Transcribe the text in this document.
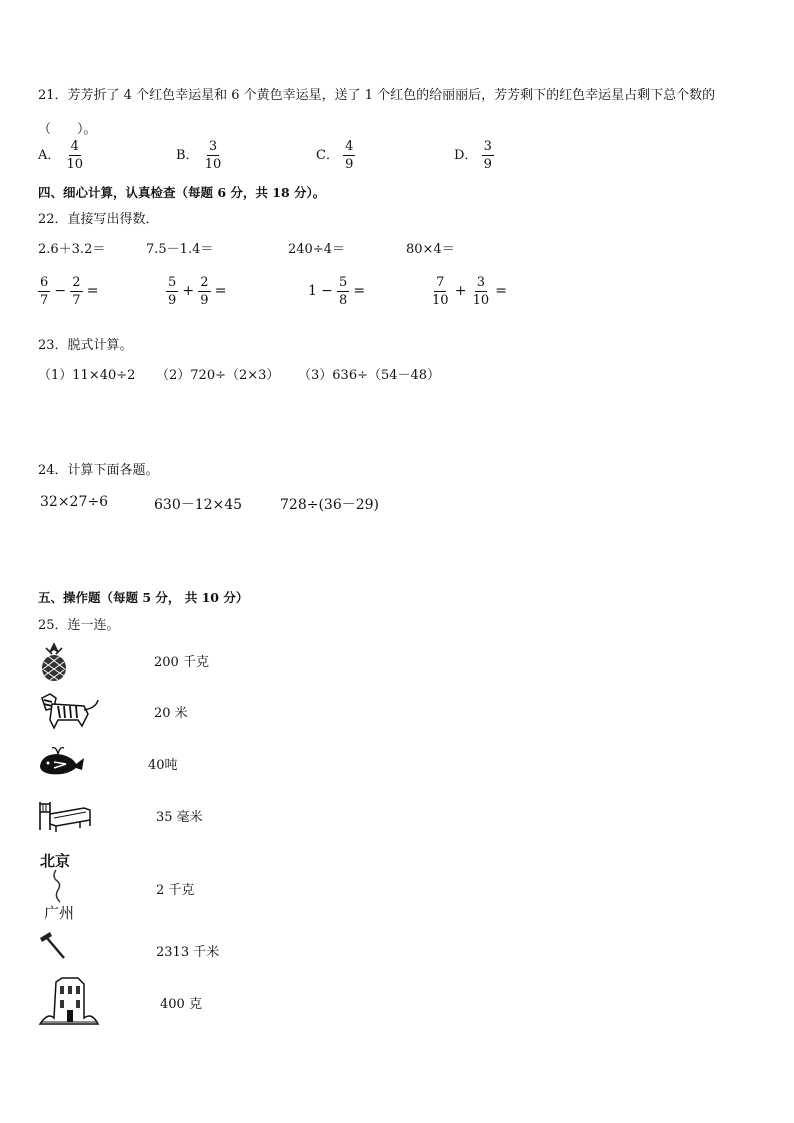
21．芳芳折了 4 个红色幸运星和 6 个黄色幸运星，送了 1 个红色的给丽丽后，芳芳剩下的红色幸运星占剩下总个数的
（　　）。
A． $\frac{4}{10}$	B． $\frac{3}{10}$	C． $\frac{4}{9}$	D． $\frac{3}{9}$
四、细心计算，认真检查（每题 6 分，共 18 分）。
22．直接写出得数．
2.6＋3.2＝	7.5－1.4＝	240÷4＝	80×4＝
$\frac{6}{7} - \frac{2}{7}$ =	$\frac{5}{9} + \frac{2}{9}$ =	$1 - \frac{5}{8}$ =	$\frac{7}{10} + \frac{3}{10}$ =
23．脱式计算。
（1）11×40÷2 （2）720÷（2×3） （3）636÷（54－48）
24．计算下面各题。
32×27÷6	630－12×45	728÷(36－29)
五、操作题（每题 5 分， 共 10 分）
25．连一连。
200 千克
20 米
40吨
35 毫米
北京
广州
2 千克
2313 千米
400 克
